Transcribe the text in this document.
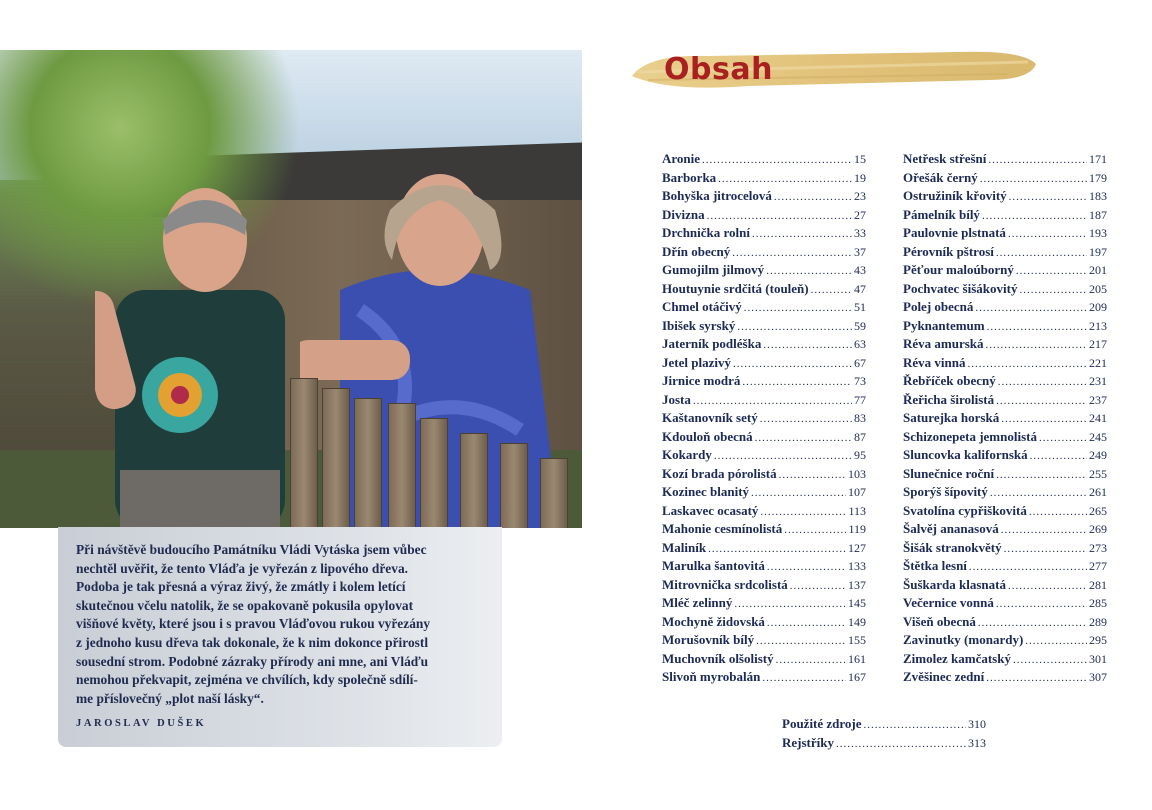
Při návštěvě budoucího Památníku Vládi Vytáska jsem vůbec
nechtěl uvěřit, že tento Vláďa je vyřezán z lipového dřeva.
Podoba je tak přesná a výraz živý, že zmátly i kolem letící
skutečnou včelu natolik, že se opakovaně pokusila opylovat
višňové květy, které jsou i s pravou Vláďovou rukou vyřezány
z jednoho kusu dřeva tak dokonale, že k nim dokonce přirostl
sousední strom. Podobné zázraky přírody ani mne, ani Vláďu
nemohou překvapit, zejména ve chvílích, kdy společně sdílí-
me příslovečný „plot naší lásky“.
JAROSLAV DUŠEK
Obsah
Aronie .....	15
Barborka .....	19
Bohyška jitrocelová .....	23
Divizna .....	27
Drchnička rolní .....	33
Dřín obecný .....	37
Gumojilm jilmový .....	43
Houtuynie srdčitá (touleň) .....	47
Chmel otáčivý .....	51
Ibišek syrský .....	59
Jaterník podléška .....	63
Jetel plazivý .....	67
Jirnice modrá .....	73
Josta .....	77
Kaštanovník setý .....	83
Kdouloň obecná .....	87
Kokardy .....	95
Kozí brada pórolistá .....	103
Kozinec blanitý .....	107
Laskavec ocasatý .....	113
Mahonie cesmínolistá .....	119
Maliník .....	127
Marulka šantovitá .....	133
Mitrovnička srdcolistá .....	137
Mléč zelinný .....	145
Mochyně židovská .....	149
Morušovník bílý .....	155
Muchovník olšolistý .....	161
Slivoň myrobalán .....	167
Netřesk střešní .....	171
Ořešák černý .....	179
Ostružiník křovitý .....	183
Pámelník bílý .....	187
Paulovnie plstnatá .....	193
Pérovník pštrosí .....	197
Pěťour maloúborný .....	201
Pochvatec šišákovitý .....	205
Polej obecná .....	209
Pyknantemum .....	213
Réva amurská .....	217
Réva vinná .....	221
Řebříček obecný .....	231
Řeřicha širolistá .....	237
Saturejka horská .....	241
Schizonepeta jemnolistá .....	245
Sluncovka kalifornská .....	249
Slunečnice roční .....	255
Sporýš šípovitý .....	261
Svatolína cypřiškovitá .....	265
Šalvěj ananasová .....	269
Šišák stranokvětý .....	273
Štětka lesní .....	277
Šuškarda klasnatá .....	281
Večernice vonná .....	285
Višeň obecná .....	289
Zavinutky (monardy) .....	295
Zimolez kamčatský .....	301
Zvěšinec zední .....	307
Použité zdroje .....	310
Rejstříky .....	313
